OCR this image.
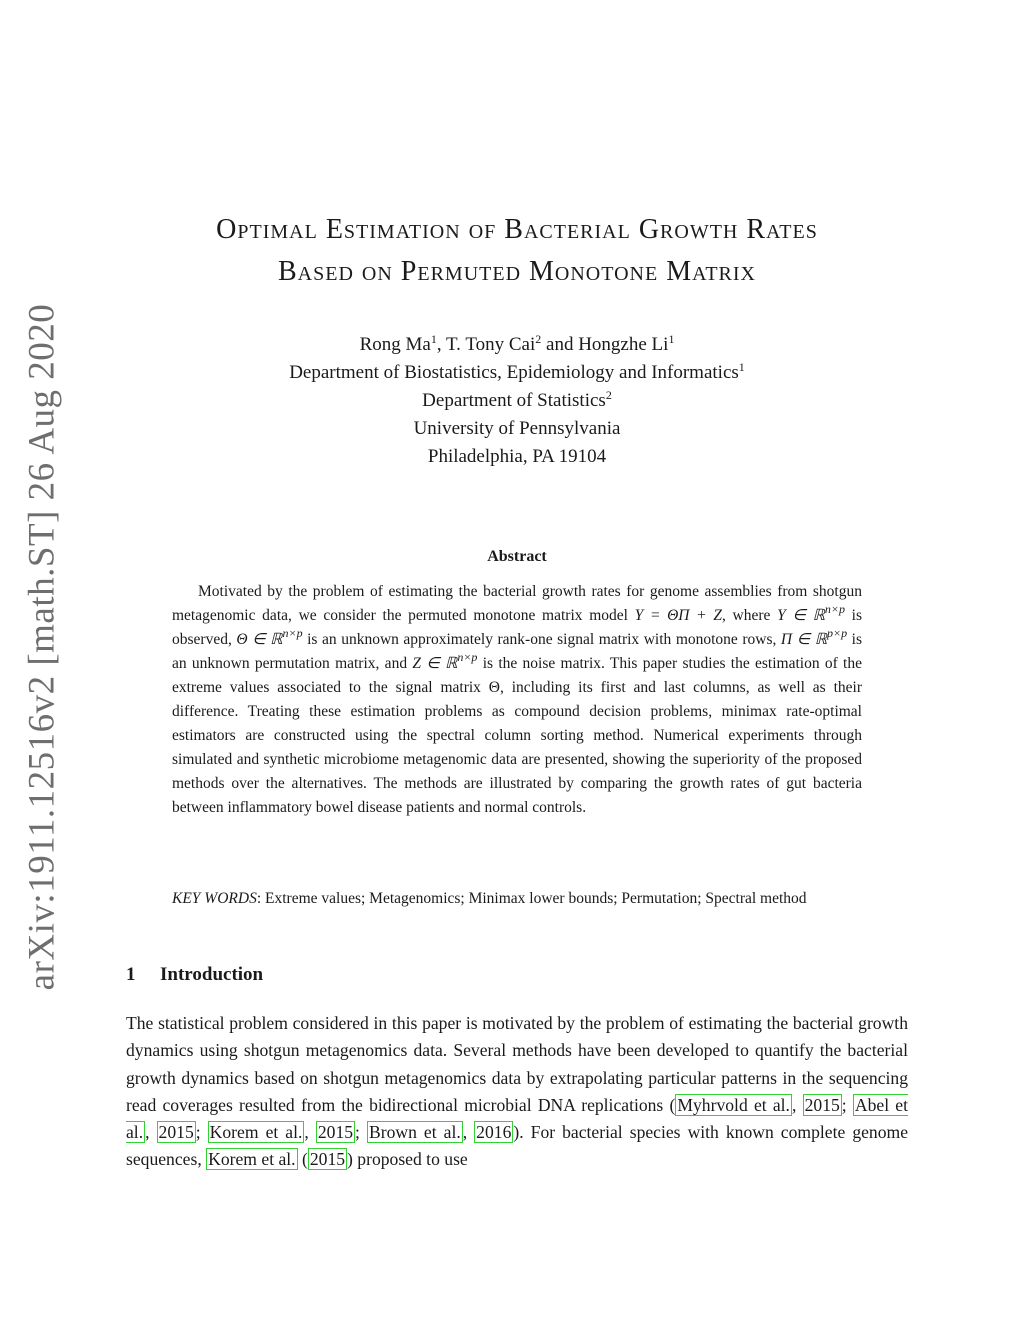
arXiv:1911.12516v2 [math.ST] 26 Aug 2020
Optimal Estimation of Bacterial Growth Rates
Based on Permuted Monotone Matrix
Rong Ma$^1$, T. Tony Cai$^2$ and Hongzhe Li$^1$
Department of Biostatistics, Epidemiology and Informatics$^1$
Department of Statistics$^2$
University of Pennsylvania
Philadelphia, PA 19104
Abstract
Motivated by the problem of estimating the bacterial growth rates for genome assemblies from shotgun metagenomic data, we consider the permuted monotone matrix model Y = ΘΠ + Z, where Y ∈ ℝ$^{n\times p}$ is observed, Θ ∈ ℝ$^{n\times p}$ is an unknown approximately rank-one signal matrix with monotone rows, Π ∈ ℝ$^{p\times p}$ is an unknown permutation matrix, and Z ∈ ℝ$^{n\times p}$ is the noise matrix. This paper studies the estimation of the extreme values associated to the signal matrix Θ, including its first and last columns, as well as their difference. Treating these estimation problems as compound decision problems, minimax rate-optimal estimators are constructed using the spectral column sorting method. Numerical experiments through simulated and synthetic microbiome metagenomic data are presented, showing the superiority of the proposed methods over the alternatives. The methods are illustrated by comparing the growth rates of gut bacteria between inflammatory bowel disease patients and normal controls.
KEY WORDS: Extreme values; Metagenomics; Minimax lower bounds; Permutation; Spectral method
1 Introduction
The statistical problem considered in this paper is motivated by the problem of estimating the bacterial growth dynamics using shotgun metagenomics data. Several methods have been developed to quantify the bacterial growth dynamics based on shotgun metagenomics data by extrapolating particular patterns in the sequencing read coverages resulted from the bidirectional microbial DNA replications ( Myhrvold et al. , 2015 ; Abel et al. , 2015 ; Korem et al. , 2015 ; Brown et al. , 2016 ). For bacterial species with known complete genome sequences, Korem et al. ( 2015 ) proposed to use
